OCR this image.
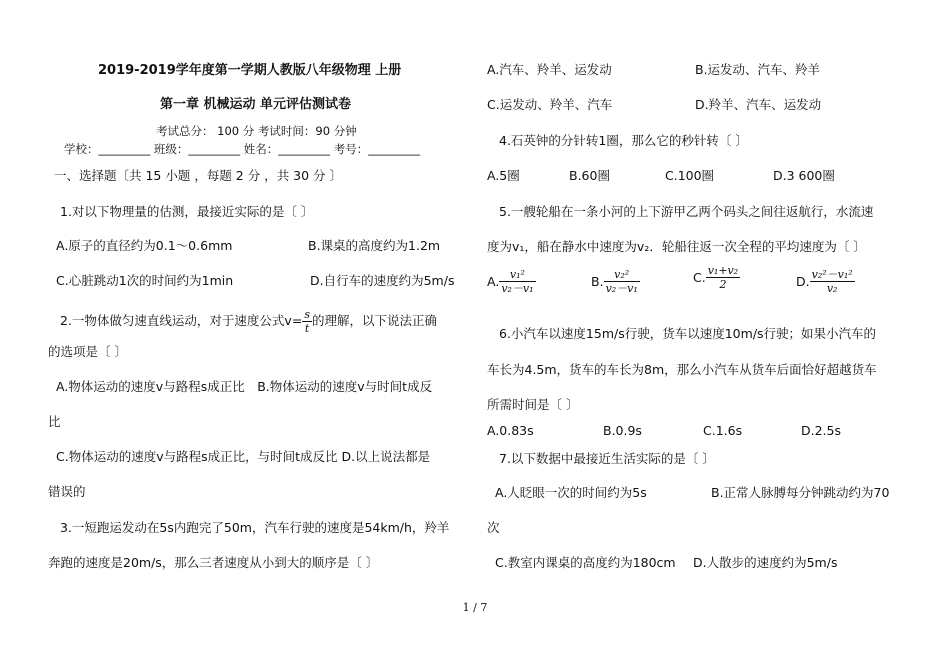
2019-2019学年度第一学期人教版八年级物理 上册
第一章 机械运动 单元评估测试卷
考试总分： 100 分 考试时间：90 分钟
学校：_________ 班级：_________ 姓名：_________ 考号：_________
一、选择题〔共 15 小题 ，每题 2 分 ，共 30 分 〕
1.对以下物理量的估测，最接近实际的是〔 〕
A.原子的直径约为0.1～0.6mm	B.课桌的高度约为1.2m
C.心脏跳动1次的时间约为1min	D.自行车的速度约为5m/s
2.一物体做匀速直线运动，对于速度公式$v= \frac{s}{t}$ 的理解，以下说法正确
的选项是〔 〕
A.物体运动的速度v与路程s成正比　B.物体运动的速度v与时间t成反
比
C.物体运动的速度v与路程s成正比，与时间t成反比 D.以上说法都是
错误的
3.一短跑运发动在5s内跑完了50m，汽车行驶的速度是54km/h，羚羊
奔跑的速度是20m/s，那么三者速度从小到大的顺序是〔 〕
A.汽车、羚羊、运发动	B.运发动、汽车、羚羊
C.运发动、羚羊、汽车	D.羚羊、汽车、运发动
4.石英钟的分针转1圈，那么它的秒针转〔 〕
A.5圈	B.60圈	C.100圈	D.3 600圈
5.一艘轮船在一条小河的上下游甲乙两个码头之间往返航行，水流速
度为v₁，船在静水中速度为v₂．轮船往返一次全程的平均速度为〔 〕
A. $\frac{\text{v₁²}}{\text{v₂－v₁}}$	B. $\frac{\text{v₂²}}{\text{v₂－v₁}}$	C. $\frac{\text{v₁+v₂}}{2}$	D. $\frac{\text{v₂²－v₁²}}{\text{v₂}}$
6.小汽车以速度15m/s行驶，货车以速度10m/s行驶；如果小汽车的
车长为4.5m，货车的车长为8m，那么小汽车从货车后面恰好超越货车
所需时间是〔 〕
A.0.83s	B.0.9s	C.1.6s	D.2.5s
7.以下数据中最接近生活实际的是〔 〕
A.人眨眼一次的时间约为5s	B.正常人脉膊每分钟跳动约为70
次
C.教室内课桌的高度约为180cm D.人散步的速度约为5m/s
1 / 7
